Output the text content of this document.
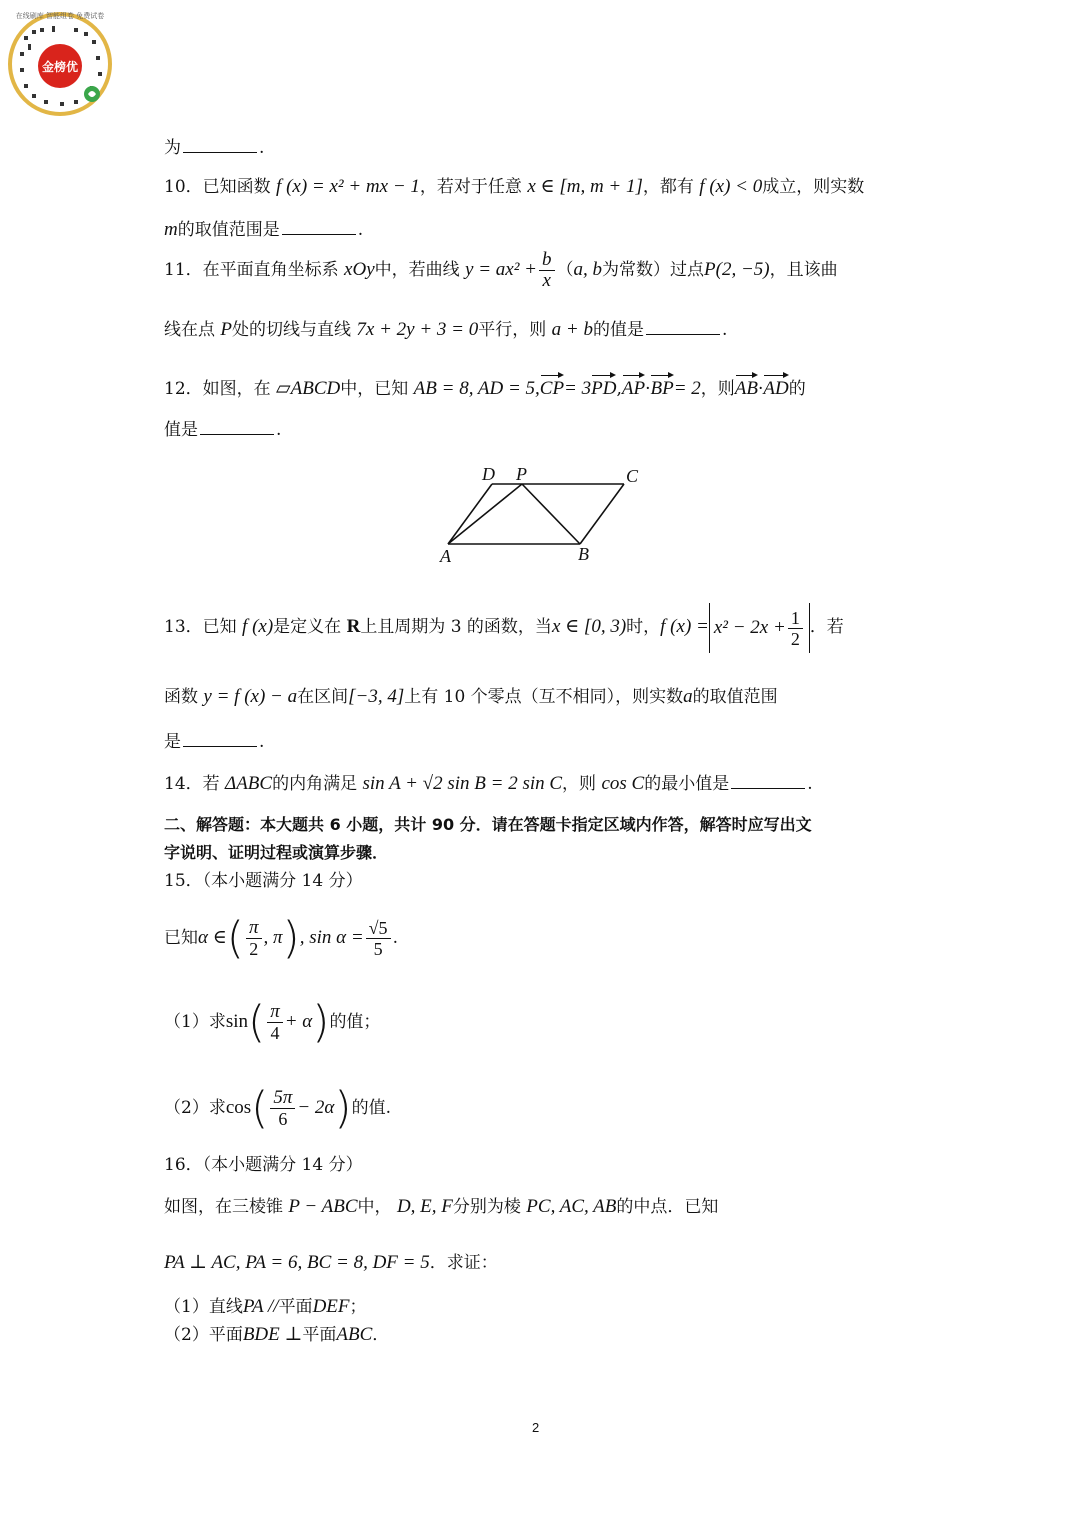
金榜优
在线刷库 智能组卷 免费试卷
为	.
10．已知函数 f (x) = x² + mx − 1，若对于任意 x ∈ [m, m + 1]，都有 f (x) < 0成立，则实数
m的取值范围是	.
11．在平面直角坐标系 xOy中，若曲线 $y = ax^2 + \frac{b}{x} (a$, b为常数）过点P(2, −5)，且该曲
线在点 P处的切线与直线 7x + 2y + 3 = 0平行，则 a + b的值是	.
12．如图，在 ▱ABCD中，已知 AB = 8, AD = 5,CP= 3PD,AP·BP= 2，则AB·AD的
值是	.
A	B
C
D P
13．已知 f (x)是定义在 R上且周期为 3 的函数，当x ∈ [0, 3)时，f $(x) = x^2 - 2x + \frac{1}{2}$ ．若
函数 y = f (x) − a在区间[−3, 4]上有 10 个零点（互不相同），则实数a的取值范围
是	.
14．若 ΔABC的内角满足 sin A + √2 sin B = 2 sin C，则 cos C的最小值是	.
二、解答题：本大题共 6 小题，共计 90 分．请在答题卡指定区域内作答，解答时应写出文
字说明、证明过程或演算步骤．
15．（本小题满分 14 分）
已知α ∈( $\frac{\pi}{2}$ , π), $\sin \alpha = \frac{√5}{5}$ .
（1）求$\sin( \frac{\pi}{4} + \alpha)$的值；
（2）求$\cos( \frac{5\pi}{6} - 2\alpha)$的值.
16．（本小题满分 14 分）
如图，在三棱锥 P − ABC中， D, E, F分别为棱 PC, AC, AB的中点．已知
PA ⊥ AC, PA = 6, BC = 8, DF = 5．求证：
（1）直线PA //平面DEF；
（2）平面BDE ⊥平面ABC．
2
